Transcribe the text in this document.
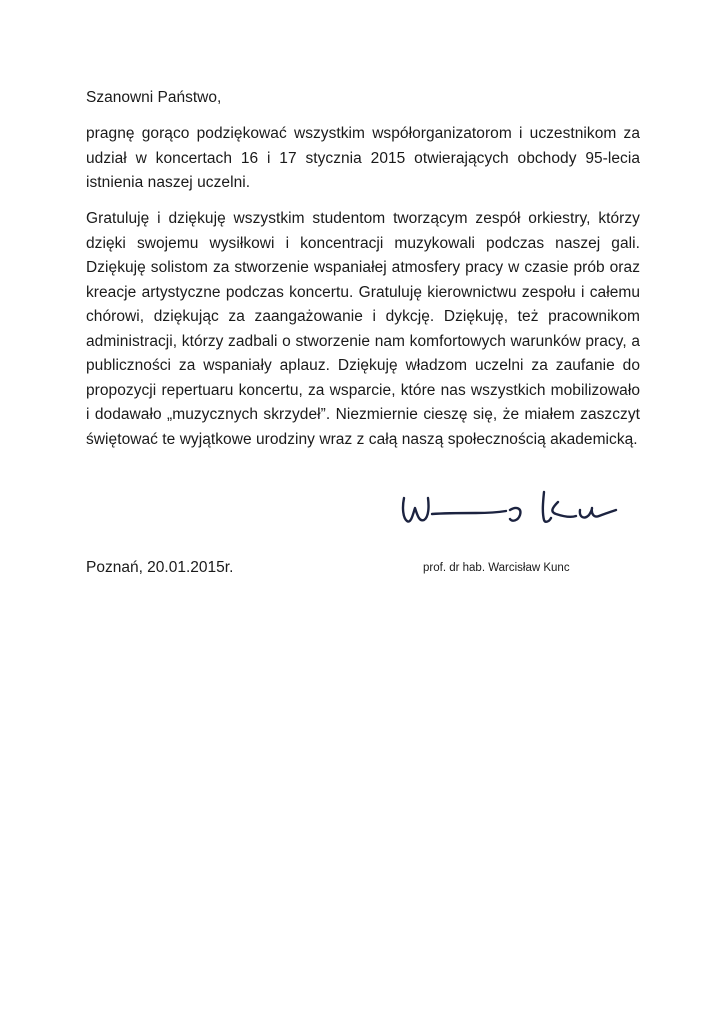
Szanowni Państwo,

pragnę gorąco podziękować wszystkim współorganizatorom i uczestnikom za udział w koncertach 16 i 17 stycznia 2015 otwierających obchody 95-lecia istnienia naszej uczelni.

Gratuluję i dziękuję wszystkim studentom tworzącym zespół orkiestry, którzy dzięki swojemu wysiłkowi i koncentracji muzykowali podczas naszej gali. Dziękuję solistom za stworzenie wspaniałej atmosfery pracy w czasie prób oraz kreacje artystyczne podczas koncertu. Gratuluję kierownictwu zespołu i całemu chórowi, dziękując za zaangażowanie i dykcję. Dziękuję, też pracownikom administracji, którzy zadbali o stworzenie nam komfortowych warunków pracy, a publiczności za wspaniały aplauz. Dziękuję władzom uczelni za zaufanie do propozycji repertuaru koncertu, za wsparcie, które nas wszystkich mobilizowało i dodawało „muzycznych skrzydeł”. Niezmiernie cieszę się, że miałem zaszczyt świętować te wyjątkowe urodziny wraz z całą naszą społecznością akademicką.

Poznań, 20.01.2015r.	prof. dr hab. Warcisław Kunc
